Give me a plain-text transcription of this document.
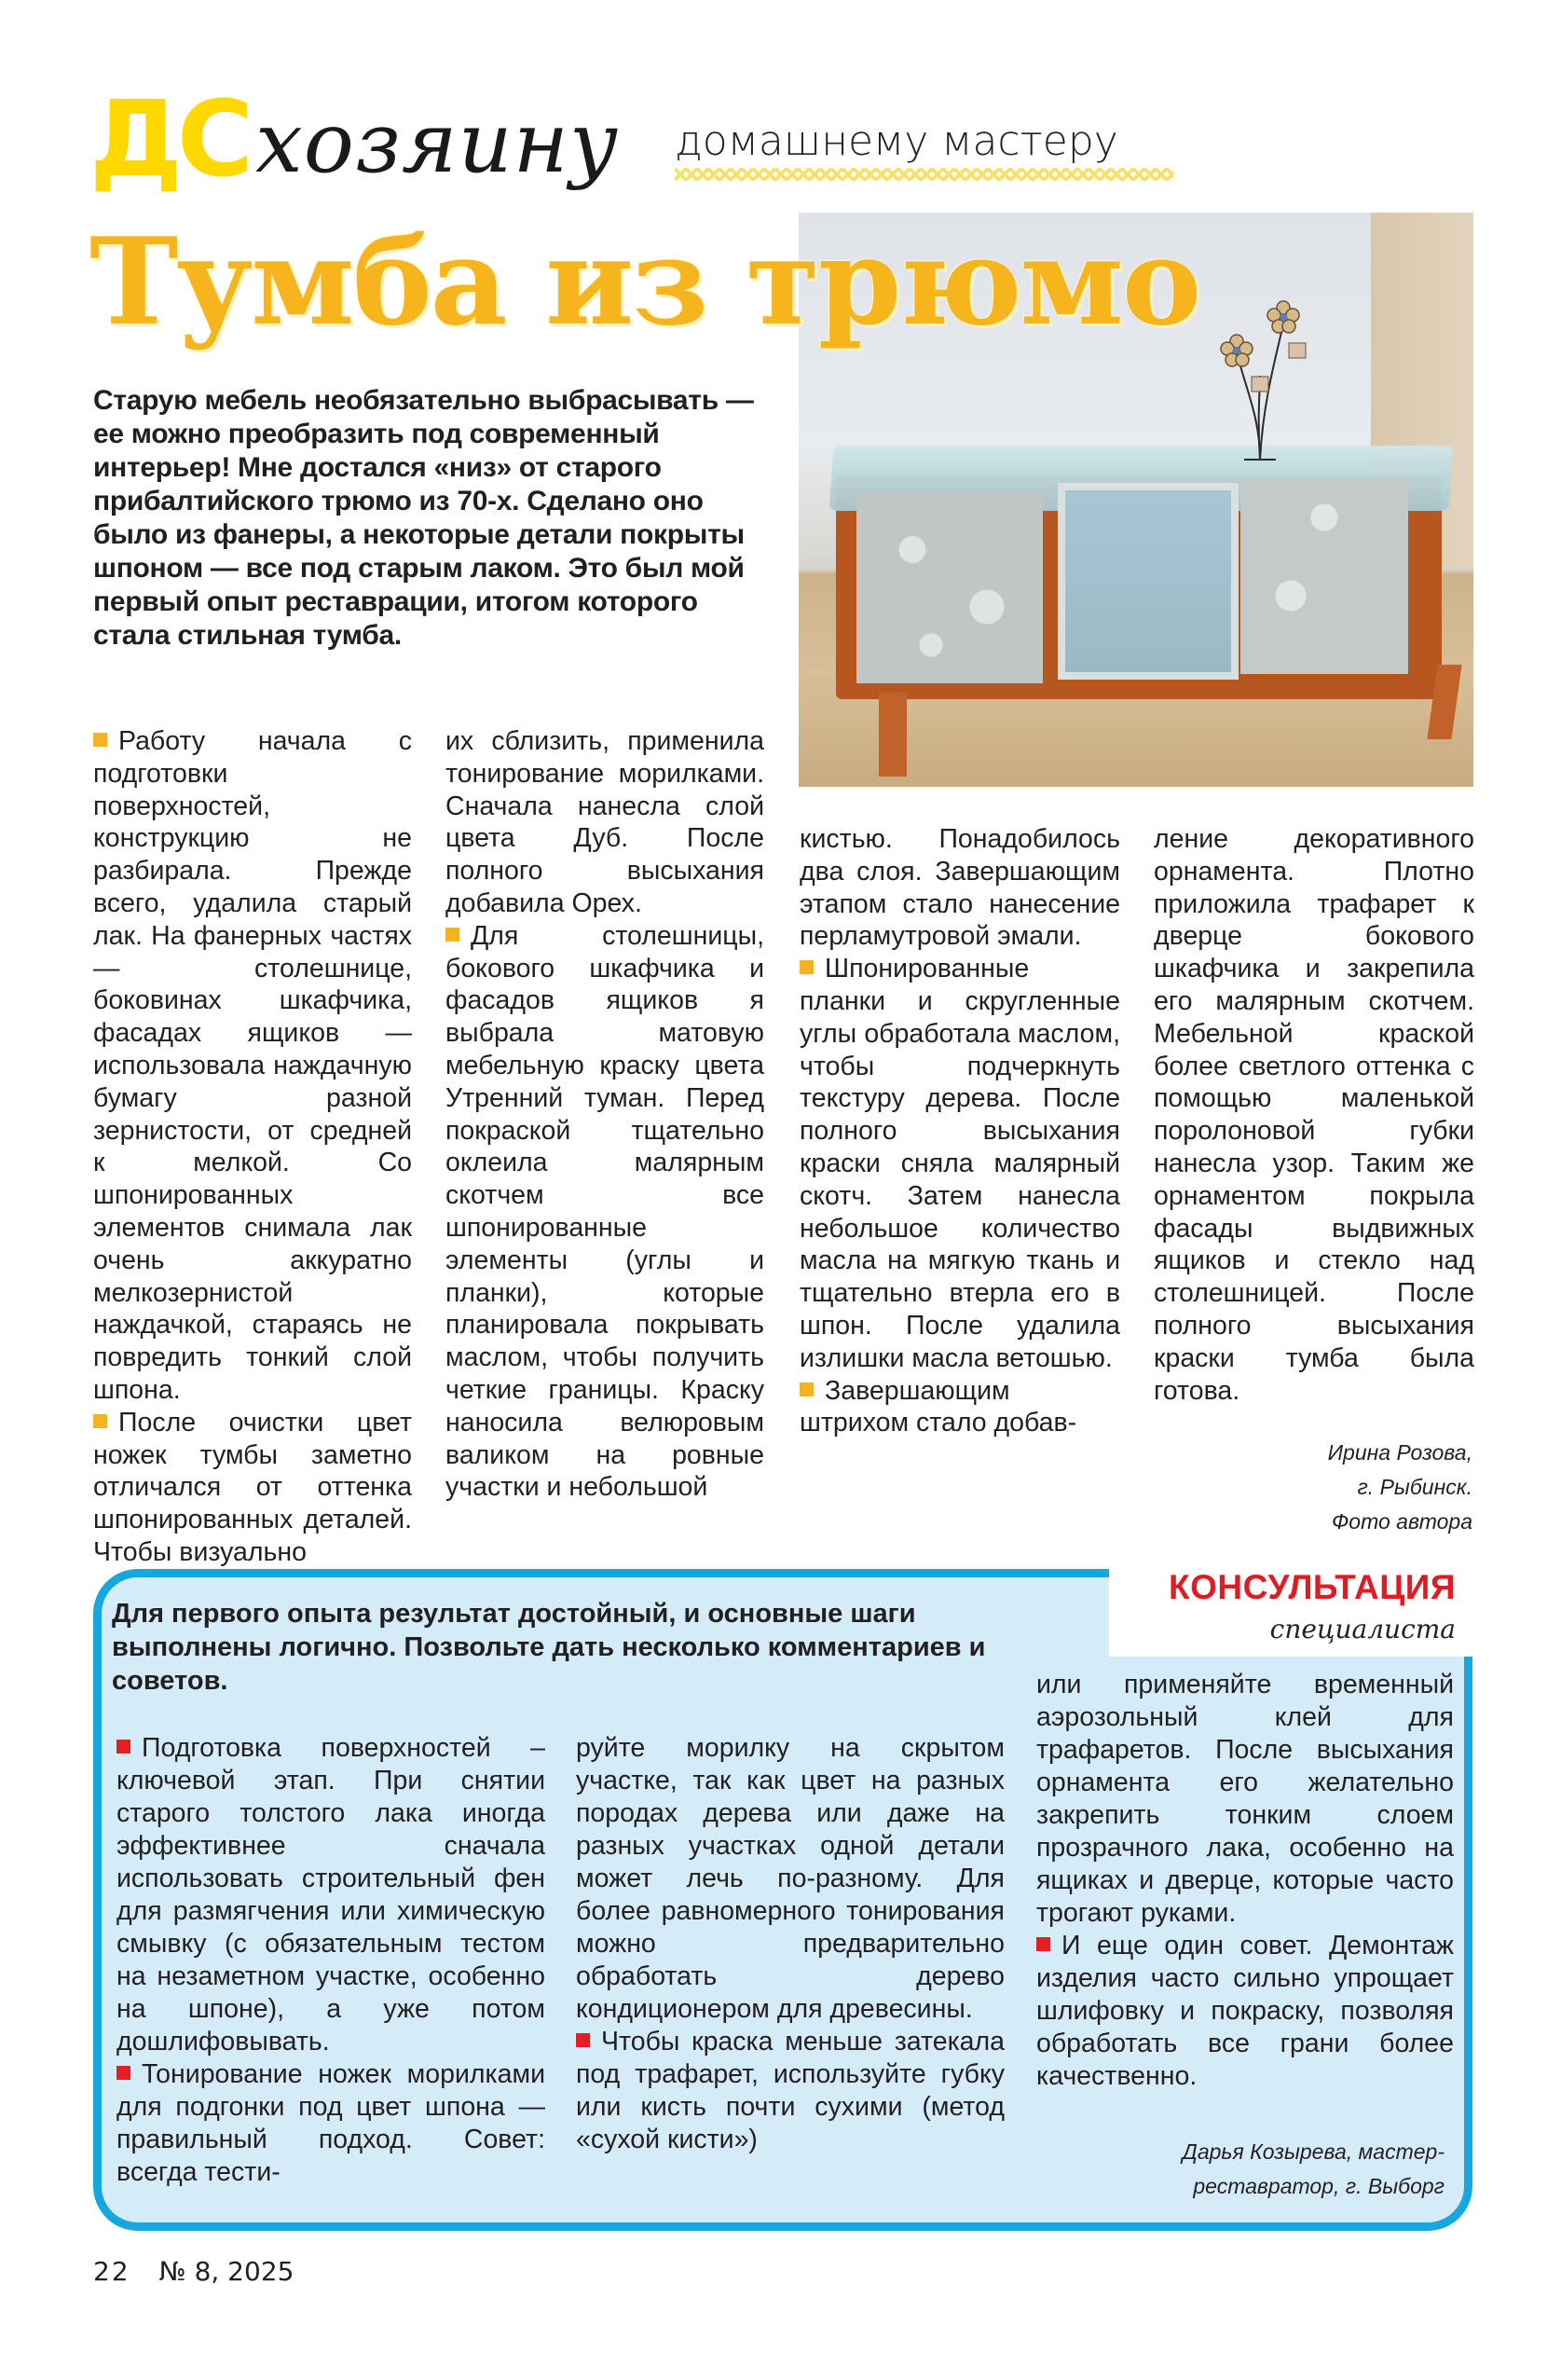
ДС хозяину домашнему мастеру
Тумба из трюмо

Старую мебель необязательно выбрасывать — ее можно преобразить под современный интерьер! Мне достался «низ» от старого прибалтийского трюмо из 70-х. Сделано оно было из фанеры, а некоторые детали покрыты шпоном — все под старым лаком. Это был мой первый опыт реставрации, итогом которого стала стильная тумба.

Работу начала с подготовки поверхностей, конструкцию не разбирала. Прежде всего, удалила старый лак. На фанерных частях — столешнице, боковинах шкафчика, фасадах ящиков — использовала наждачную бумагу разной зернистости, от средней к мелкой. Со шпонированных элементов снимала лак очень аккуратно мелкозернистой наждачкой, стараясь не повредить тонкий слой шпона.

После очистки цвет ножек тумбы заметно отличался от оттенка шпонированных деталей. Чтобы визуально

их сблизить, применила тонирование морилками. Сначала нанесла слой цвета Дуб. После полного высыхания добавила Орех.

Для столешницы, бокового шкафчика и фасадов ящиков я выбрала матовую мебельную краску цвета Утренний туман. Перед покраской тщательно оклеила малярным скотчем все шпонированные элементы (углы и планки), которые планировала покрывать маслом, чтобы получить четкие границы. Краску наносила велюровым валиком на ровные участки и небольшой

кистью. Понадобилось два слоя. Завершающим этапом стало нанесение перламутровой эмали.

Шпонированные планки и скругленные углы обработала маслом, чтобы подчеркнуть текстуру дерева. После полного высыхания краски сняла малярный скотч. Затем нанесла небольшое количество масла на мягкую ткань и тщательно втерла его в шпон. После удалила излишки масла ветошью.

Завершающим штрихом стало добав-

ление декоративного орнамента. Плотно приложила трафарет к дверце бокового шкафчика и закрепила его малярным скотчем. Мебельной краской более светлого оттенка с помощью маленькой поролоновой губки нанесла узор. Таким же орнаментом покрыла фасады выдвижных ящиков и стекло над столешницей. После полного высыхания краски тумба была готова.

Ирина Розова,
г. Рыбинск.
Фото автора
КОНСУЛЬТАЦИЯ
специалиста

Для первого опыта результат достойный, и основные шаги выполнены логично. Позвольте дать несколько комментариев и советов.

Подготовка поверхностей – ключевой этап. При снятии старого толстого лака иногда эффективнее сначала использовать строительный фен для размягчения или химическую смывку (с обязательным тестом на незаметном участке, особенно на шпоне), а уже потом дошлифовывать.

Тонирование ножек морилками для подгонки под цвет шпона — правильный подход. Совет: всегда тести-

руйте морилку на скрытом участке, так как цвет на разных породах дерева или даже на разных участках одной детали может лечь по-разному. Для более равномерного тонирования можно предварительно обработать дерево кондиционером для древесины.

Чтобы краска меньше затекала под трафарет, используйте губку или кисть почти сухими (метод «сухой кисти»)

или применяйте временный аэрозольный клей для трафаретов. После высыхания орнамента его желательно закрепить тонким слоем прозрачного лака, особенно на ящиках и дверце, которые часто трогают руками.

И еще один совет. Демонтаж изделия часто сильно упрощает шлифовку и покраску, позволяя обработать все грани более качественно.

Дарья Козырева, мастер-
реставратор, г. Выборг
22 № 8, 2025
